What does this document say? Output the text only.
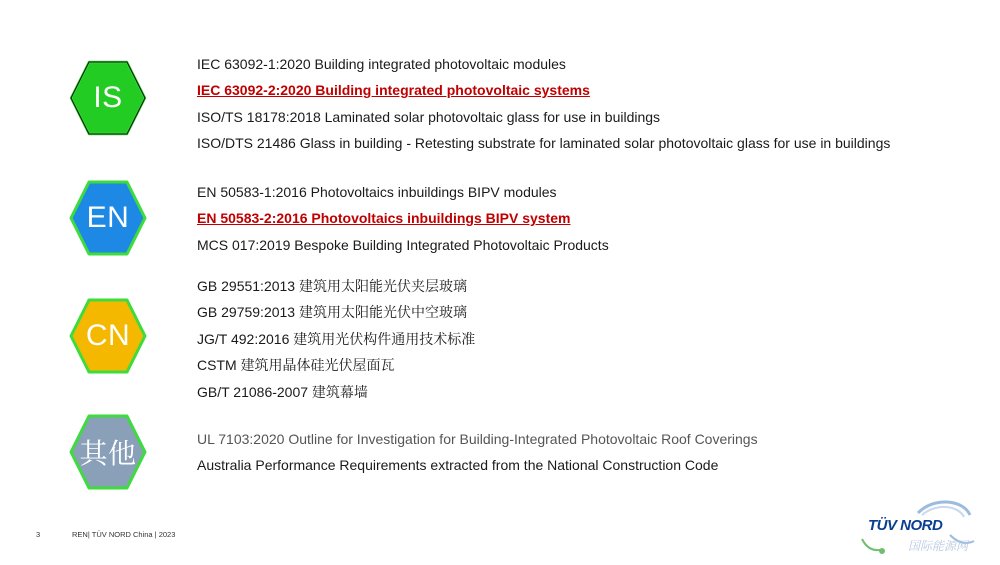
IS
IEC 63092-1:2020 Building integrated photovoltaic modules
IEC 63092-2:2020 Building integrated photovoltaic systems
ISO/TS 18178:2018 Laminated solar photovoltaic glass for use in buildings
ISO/DTS 21486 Glass in building - Retesting substrate for laminated solar photovoltaic glass for use in buildings
EN
EN 50583-1:2016 Photovoltaics inbuildings BIPV modules
EN 50583-2:2016 Photovoltaics inbuildings BIPV system
MCS 017:2019 Bespoke Building Integrated Photovoltaic Products
CN
GB 29551:2013 建筑用太阳能光伏夹层玻璃
GB 29759:2013 建筑用太阳能光伏中空玻璃
JG/T 492:2016 建筑用光伏构件通用技术标准
CSTM 建筑用晶体硅光伏屋面瓦
GB/T 21086-2007 建筑幕墙
其他	UL 7103:2020 Outline for Investigation for Building-Integrated Photovoltaic Roof Coverings
Australia Performance Requirements extracted from the National Construction Code
3	REN| TÜV NORD China | 2023
TÜV NORD
国际能源网
